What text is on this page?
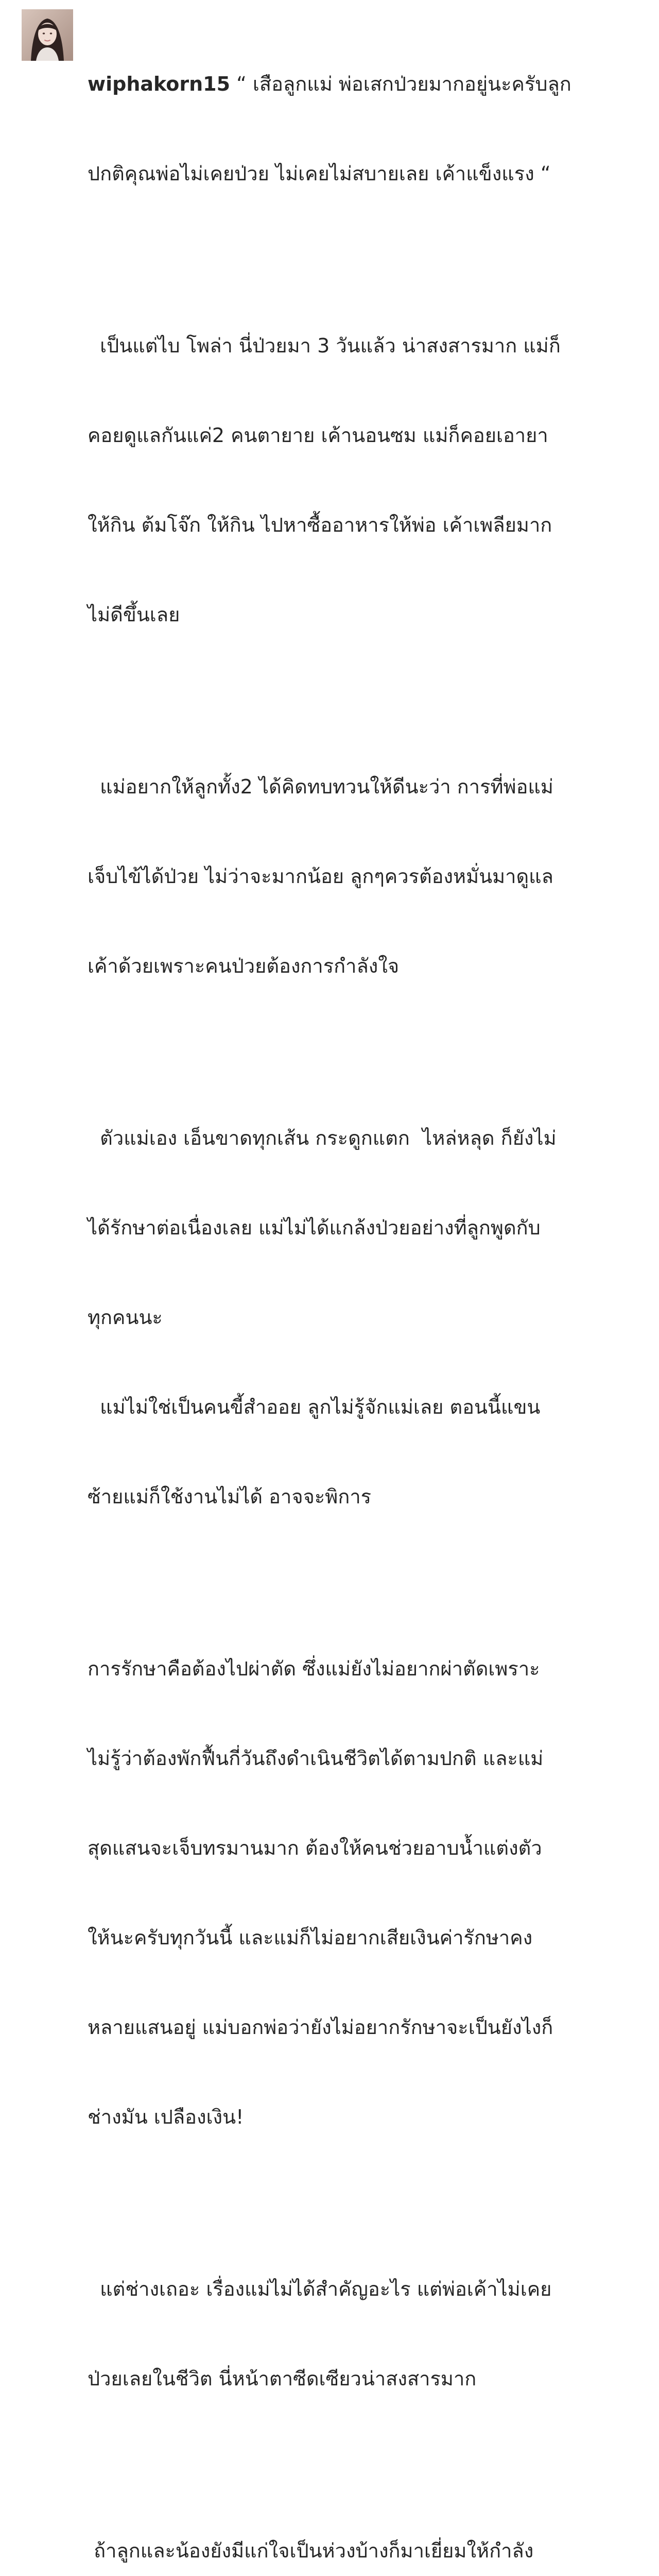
wiphakorn15 “ เสือลูกแม่ พ่อเสกป่วยมากอยู่นะครับลูก

ปกติคุณพ่อไม่เคยป่วย ไม่เคยไม่สบายเลย เค้าแข็งแรง “

เป็นแต่ไบ โพล่า นี่ป่วยมา 3 วันแล้ว น่าสงสารมาก แม่ก็

คอยดูแลกันแค่2 คนตายาย เค้านอนซม แม่ก็คอยเอายา

ให้กิน ต้มโจ๊ก ให้กิน ไปหาซื้ออาหารให้พ่อ เค้าเพลียมาก

ไม่ดีขึ้นเลย

แม่อยากให้ลูกทั้ง2 ได้คิดทบทวนให้ดีนะว่า การที่พ่อแม่

เจ็บไข้ได้ป่วย ไม่ว่าจะมากน้อย ลูกๆควรต้องหมั่นมาดูแล

เค้าด้วยเพราะคนป่วยต้องการกำลังใจ

ตัวแม่เอง เอ็นขาดทุกเส้น กระดูกแตก  ไหล่หลุด ก็ยังไม่

ได้รักษาต่อเนื่องเลย แม่ไม่ได้แกล้งป่วยอย่างที่ลูกพูดกับ

ทุกคนนะ

แม่ไม่ใช่เป็นคนขี้สำออย ลูกไม่รู้จักแม่เลย ตอนนี้แขน

ซ้ายแม่ก็ใช้งานไม่ได้ อาจจะพิการ

การรักษาคือต้องไปผ่าตัด ซึ่งแม่ยังไม่อยากผ่าตัดเพราะ

ไม่รู้ว่าต้องพักฟื้นกี่วันถึงดำเนินชีวิตได้ตามปกติ และแม่

สุดแสนจะเจ็บทรมานมาก ต้องให้คนช่วยอาบน้ำแต่งตัว

ให้นะครับทุกวันนี้ และแม่ก็ไม่อยากเสียเงินค่ารักษาคง

หลายแสนอยู่ แม่บอกพ่อว่ายังไม่อยากรักษาจะเป็นยังไงก็

ช่างมัน เปลืองเงิน!

แต่ช่างเถอะ เรื่องแม่ไม่ได้สำคัญอะไร แต่พ่อเค้าไม่เคย

ป่วยเลยในชีวิต นี่หน้าตาซีดเซียวน่าสงสารมาก

ถ้าลูกและน้องยังมีแก่ใจเป็นห่วงบ้างก็มาเยี่ยมให้กำลัง
